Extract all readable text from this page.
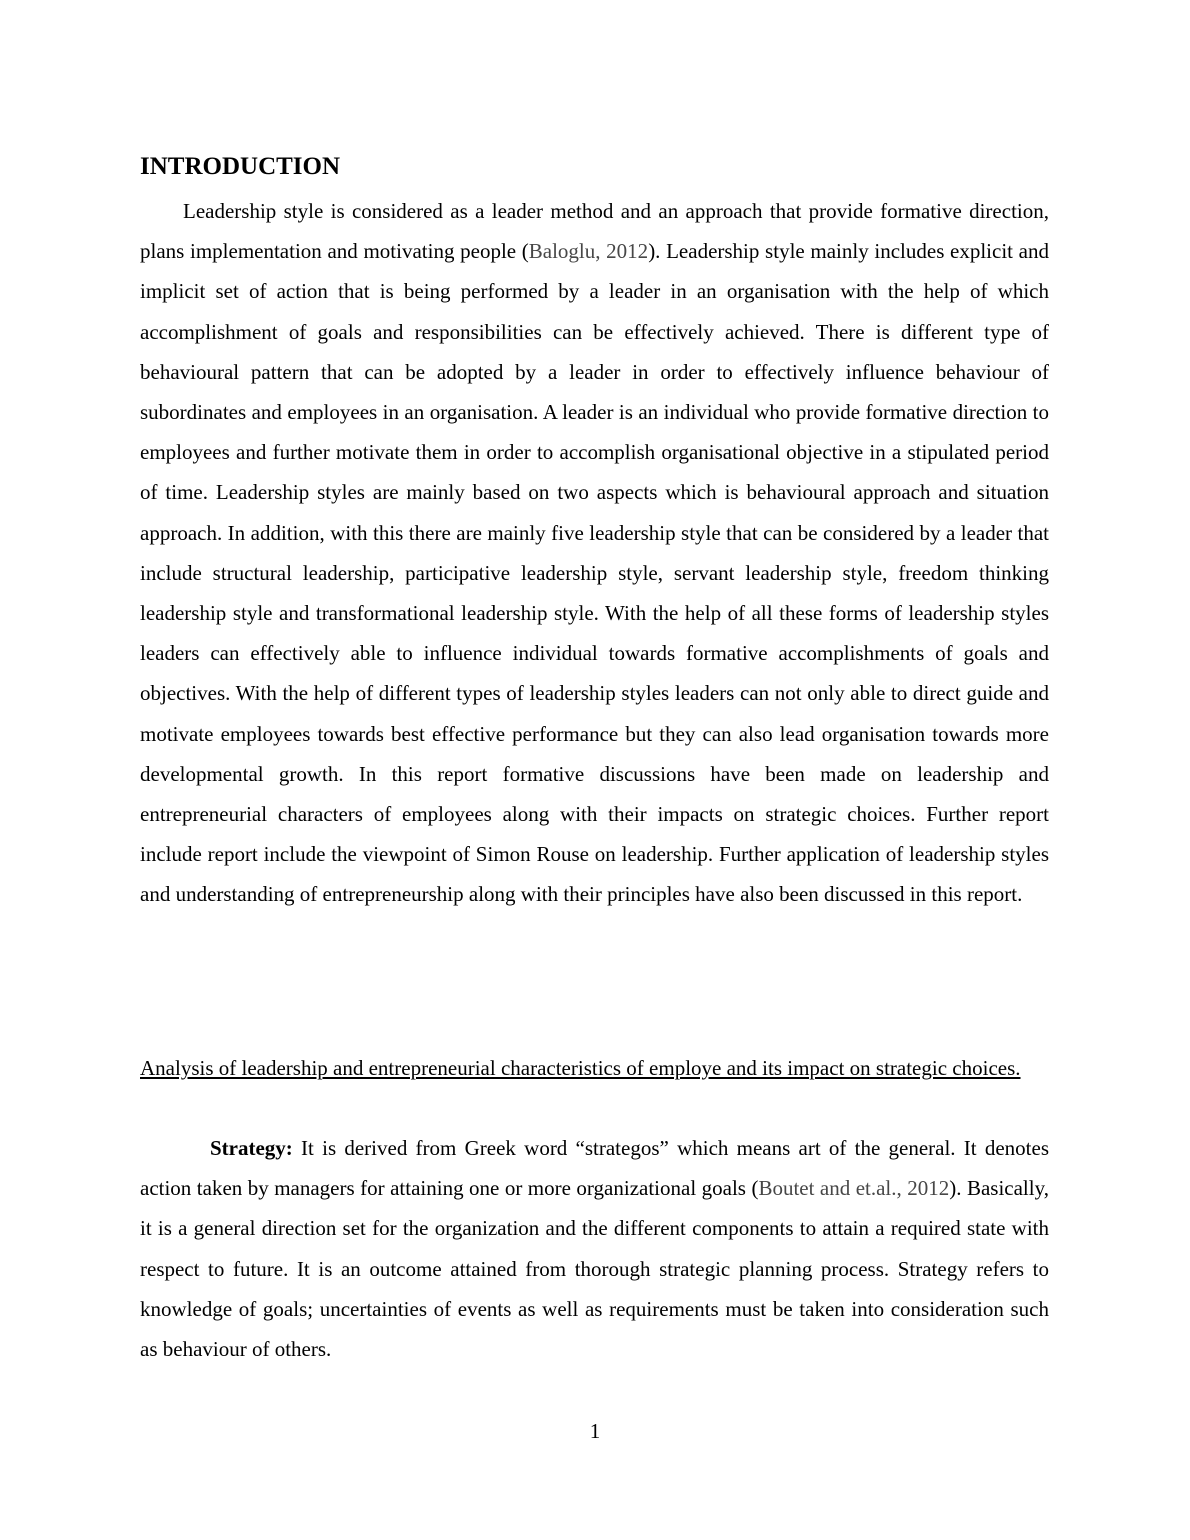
INTRODUCTION

Leadership style is considered as a leader method and an approach that provide formative direction, plans implementation and motivating people (Baloglu, 2012). Leadership style mainly includes explicit and implicit set of action that is being performed by a leader in an organisation with the help of which accomplishment of goals and responsibilities can be effectively achieved. There is different type of behavioural pattern that can be adopted by a leader in order to effectively influence behaviour of subordinates and employees in an organisation. A leader is an individual who provide formative direction to employees and further motivate them in order to accomplish organisational objective in a stipulated period of time. Leadership styles are mainly based on two aspects which is behavioural approach and situation approach. In addition, with this there are mainly five leadership style that can be considered by a leader that include structural leadership, participative leadership style, servant leadership style, freedom thinking leadership style and transformational leadership style. With the help of all these forms of leadership styles leaders can effectively able to influence individual towards formative accomplishments of goals and objectives. With the help of different types of leadership styles leaders can not only able to direct guide and motivate employees towards best effective performance but they can also lead organisation towards more developmental growth. In this report formative discussions have been made on leadership and entrepreneurial characters of employees along with their impacts on strategic choices. Further report include report include the viewpoint of Simon Rouse on leadership. Further application of leadership styles and understanding of entrepreneurship along with their principles have also been discussed in this report.

Analysis of leadership and entrepreneurial characteristics of employe and its impact on strategic choices.

Strategy: It is derived from Greek word “strategos” which means art of the general. It denotes action taken by managers for attaining one or more organizational goals (Boutet and et.al., 2012). Basically, it is a general direction set for the organization and the different components to attain a required state with respect to future. It is an outcome attained from thorough strategic planning process. Strategy refers to knowledge of goals; uncertainties of events as well as requirements must be taken into consideration such as behaviour of others.

1
